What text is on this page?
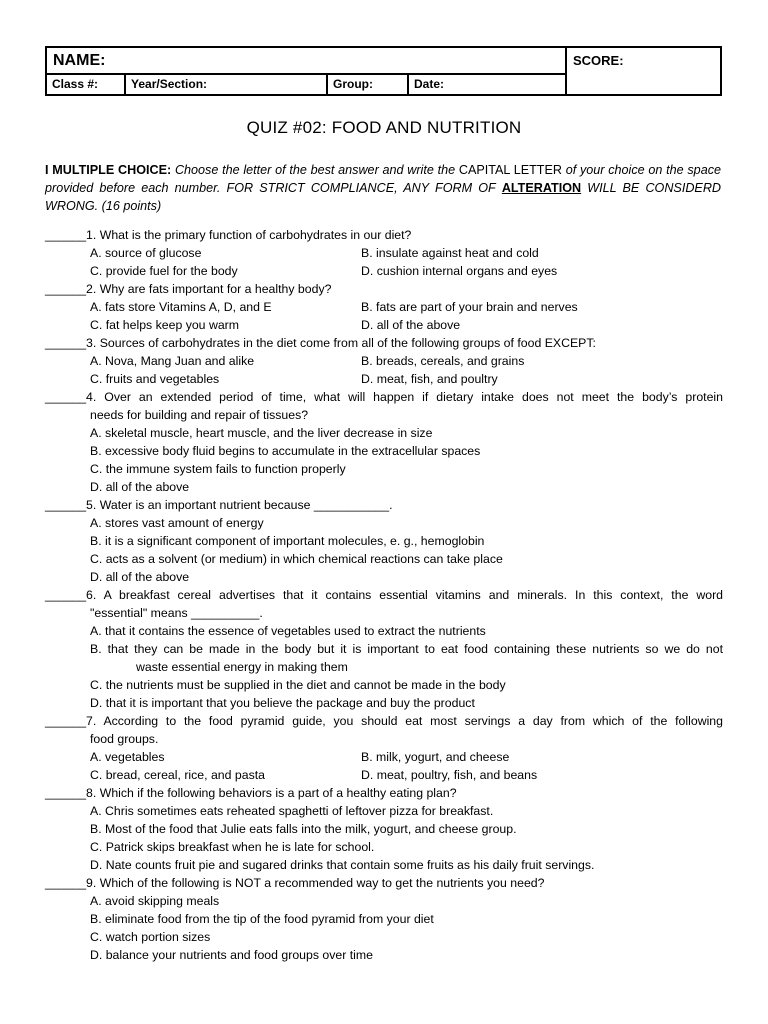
NAME:	SCORE:
Class #:	Year/Section:	Group:	Date:
QUIZ #02: FOOD AND NUTRITION
I MULTIPLE CHOICE: Choose the letter of the best answer and write the CAPITAL LETTER of your choice on the space provided before each number. FOR STRICT COMPLIANCE, ANY FORM OF ALTERATION WILL BE CONSIDERD WRONG. (16 points)
______1. What is the primary function of carbohydrates in our diet?
A. source of glucose	B. insulate against heat and cold
C. provide fuel for the body	D. cushion internal organs and eyes
______2. Why are fats important for a healthy body?
A. fats store Vitamins A, D, and E	B. fats are part of your brain and nerves
C. fat helps keep you warm	D. all of the above
______3. Sources of carbohydrates in the diet come from all of the following groups of food EXCEPT:
A. Nova, Mang Juan and alike	B. breads, cereals, and grains
C. fruits and vegetables	D. meat, fish, and poultry
______4. Over an extended period of time, what will happen if dietary intake does not meet the body’s protein
needs for building and repair of tissues?
A. skeletal muscle, heart muscle, and the liver decrease in size
B. excessive body fluid begins to accumulate in the extracellular spaces
C. the immune system fails to function properly
D. all of the above
______5. Water is an important nutrient because ___________.
A. stores vast amount of energy
B. it is a significant component of important molecules, e. g., hemoglobin
C. acts as a solvent (or medium) in which chemical reactions can take place
D. all of the above
______6. A breakfast cereal advertises that it contains essential vitamins and minerals. In this context, the word
"essential" means __________.
A. that it contains the essence of vegetables used to extract the nutrients
B. that they can be made in the body but it is important to eat food containing these nutrients so we do not
waste essential energy in making them
C. the nutrients must be supplied in the diet and cannot be made in the body
D. that it is important that you believe the package and buy the product
______7. According to the food pyramid guide, you should eat most servings a day from which of the following
food groups.
A. vegetables	B. milk, yogurt, and cheese
C. bread, cereal, rice, and pasta	D. meat, poultry, fish, and beans
______8. Which if the following behaviors is a part of a healthy eating plan?
A. Chris sometimes eats reheated spaghetti of leftover pizza for breakfast.
B. Most of the food that Julie eats falls into the milk, yogurt, and cheese group.
C. Patrick skips breakfast when he is late for school.
D. Nate counts fruit pie and sugared drinks that contain some fruits as his daily fruit servings.
______9. Which of the following is NOT a recommended way to get the nutrients you need?
A. avoid skipping meals
B. eliminate food from the tip of the food pyramid from your diet
C. watch portion sizes
D. balance your nutrients and food groups over time
